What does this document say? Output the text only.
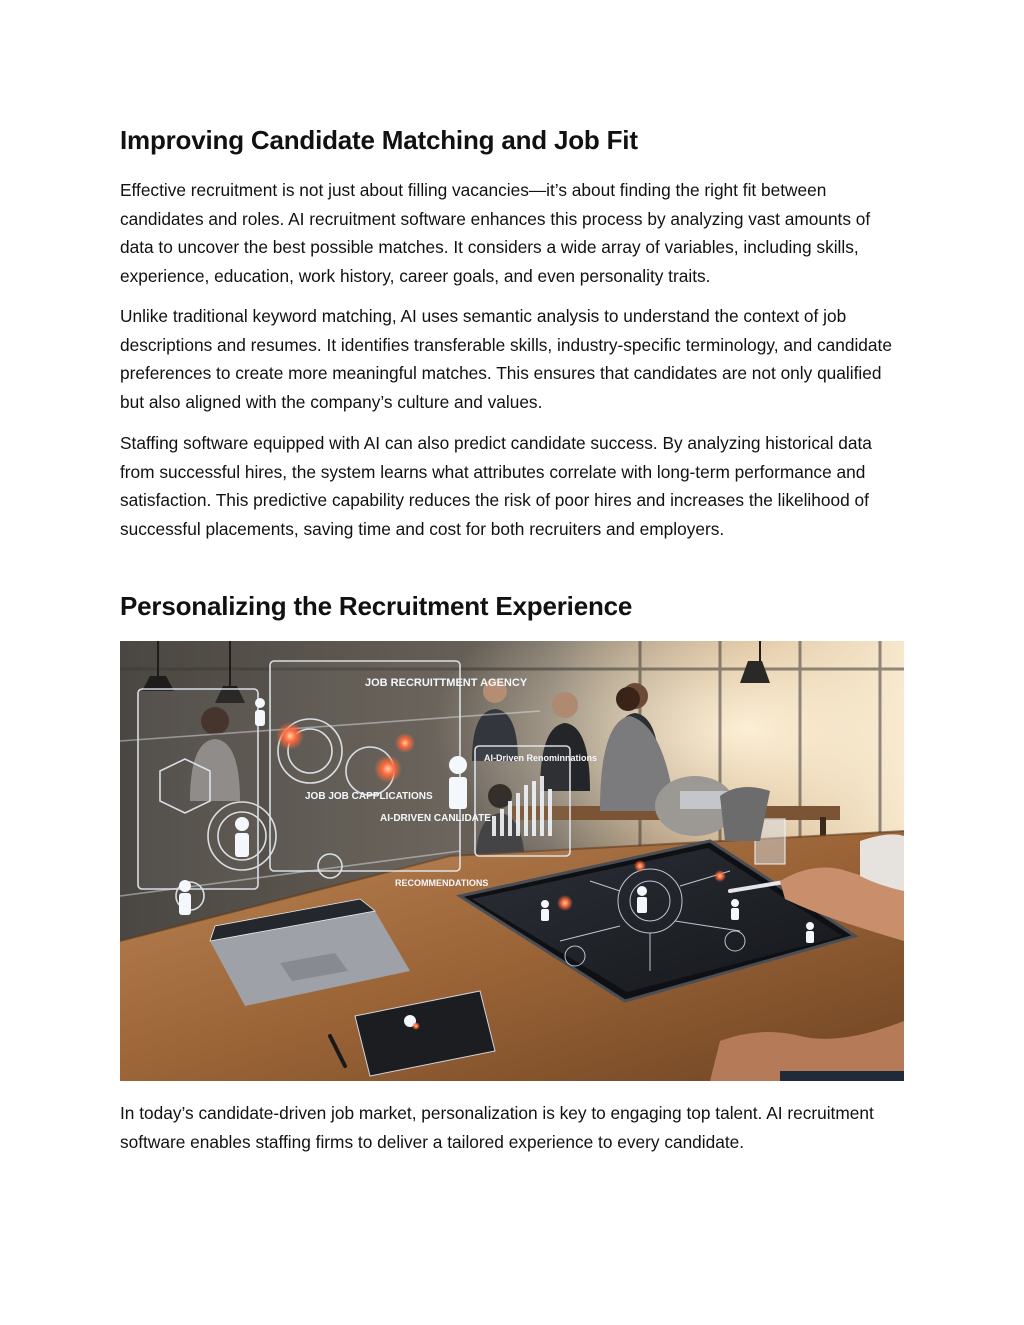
Improving Candidate Matching and Job Fit

Effective recruitment is not just about filling vacancies—it’s about finding the right fit between candidates and roles. AI recruitment software enhances this process by analyzing vast amounts of data to uncover the best possible matches. It considers a wide array of variables, including skills, experience, education, work history, career goals, and even personality traits.

Unlike traditional keyword matching, AI uses semantic analysis to understand the context of job descriptions and resumes. It identifies transferable skills, industry-specific terminology, and candidate preferences to create more meaningful matches. This ensures that candidates are not only qualified but also aligned with the company’s culture and values.

Staffing software equipped with AI can also predict candidate success. By analyzing historical data from successful hires, the system learns what attributes correlate with long-term performance and satisfaction. This predictive capability reduces the risk of poor hires and increases the likelihood of successful placements, saving time and cost for both recruiters and employers.

Personalizing the Recruitment Experience
JOB RECRUITTMENT AGENCY
JOB JOB CAPPLICATIONS
AI-DRIVEN CANLIDATE
AI-Driven Renominnations
RECOMMENDATIONS

In today’s candidate-driven job market, personalization is key to engaging top talent. AI recruitment software enables staffing firms to deliver a tailored experience to every candidate.
